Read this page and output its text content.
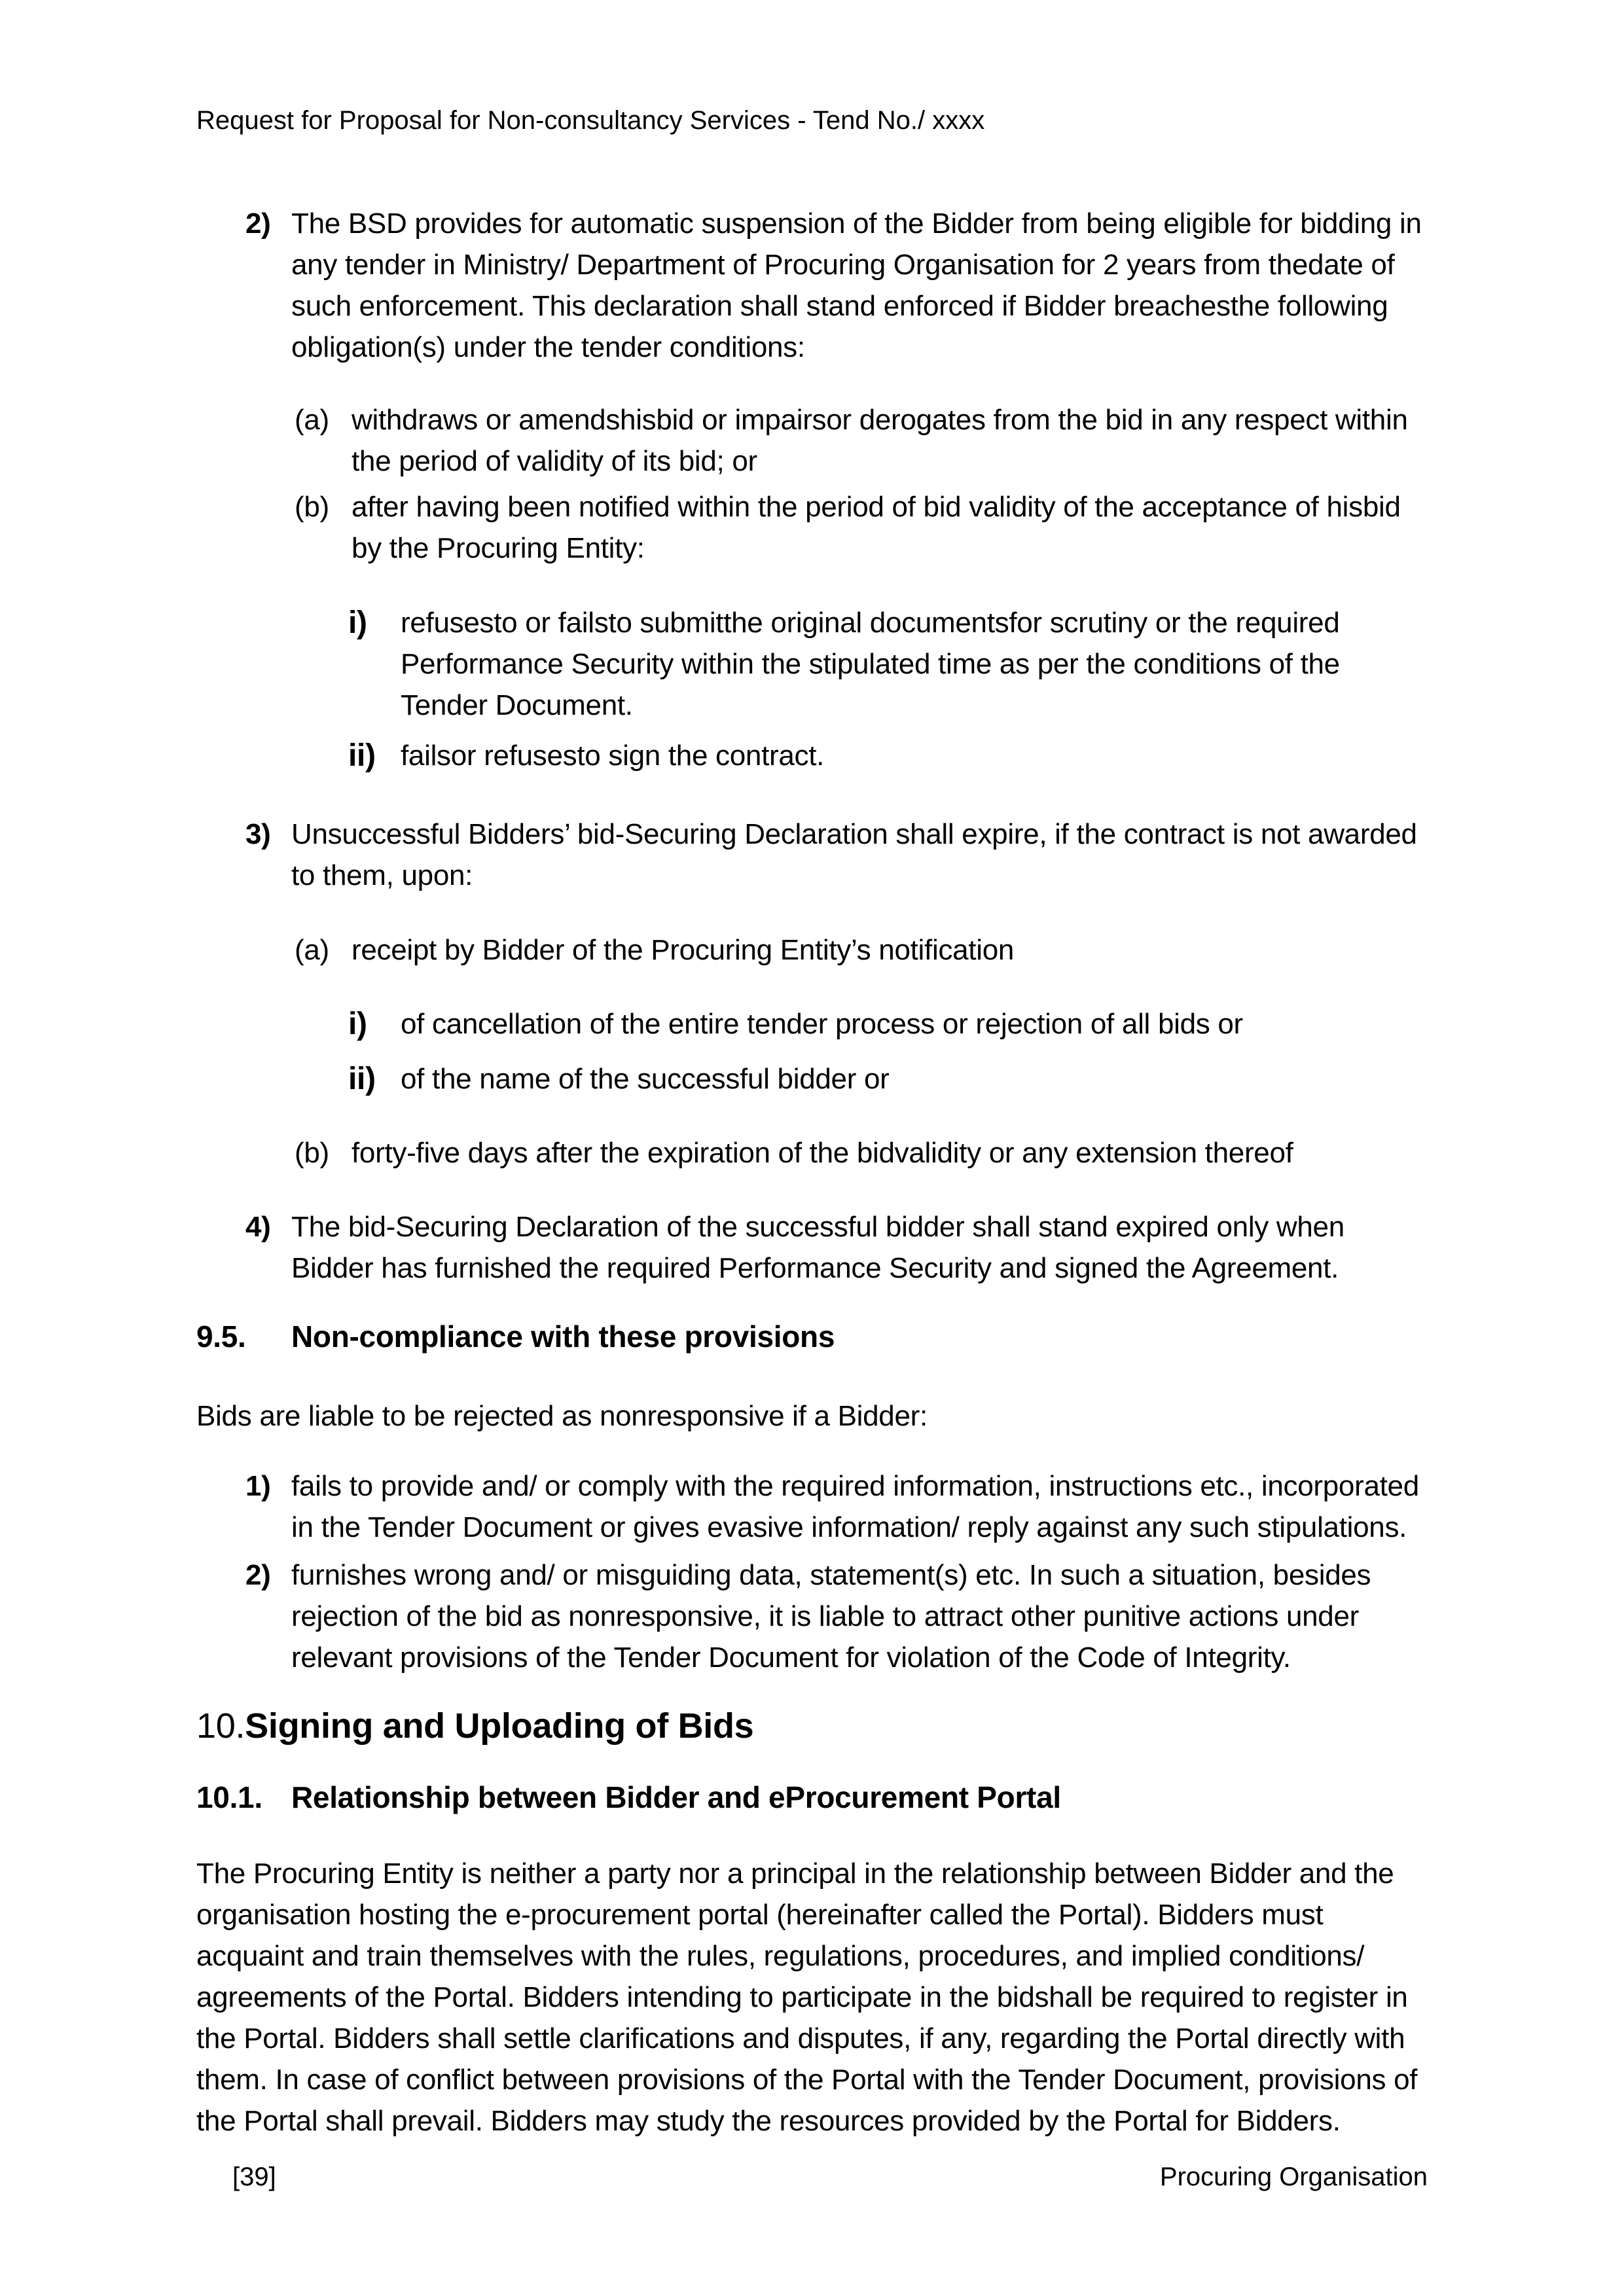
Request for Proposal for Non-consultancy Services - Tend No./ xxxx
2) The BSD provides for automatic suspension of the Bidder from being eligible for bidding in any tender in Ministry/ Department of Procuring Organisation for 2 years from thedate of such enforcement. This declaration shall stand enforced if Bidder breachesthe following obligation(s) under the tender conditions:
(a) withdraws or amendshisbid or impairsor derogates from the bid in any respect within the period of validity of its bid; or
(b) after having been notified within the period of bid validity of the acceptance of hisbid by the Procuring Entity:
i)	refusesto or failsto submitthe original documentsfor scrutiny or the required Performance Security within the stipulated time as per the conditions of the Tender Document.
ii) failsor refusesto sign the contract.
3) Unsuccessful Bidders’ bid-Securing Declaration shall expire, if the contract is not awarded to them, upon:
(a) receipt by Bidder of the Procuring Entity’s notification
i)	of cancellation of the entire tender process or rejection of all bids or
ii) of the name of the successful bidder or
(b) forty-five days after the expiration of the bidvalidity or any extension thereof
4) The bid-Securing Declaration of the successful bidder shall stand expired only when Bidder has furnished the required Performance Security and signed the Agreement.
9.5.	Non-compliance with these provisions
Bids are liable to be rejected as nonresponsive if a Bidder:
1) fails to provide and/ or comply with the required information, instructions etc., incorporated in the Tender Document or gives evasive information/ reply against any such stipulations.
2) furnishes wrong and/ or misguiding data, statement(s) etc. In such a situation, besides rejection of the bid as nonresponsive, it is liable to attract other punitive actions under relevant provisions of the Tender Document for violation of the Code of Integrity.
10.Signing and Uploading of Bids
10.1. Relationship between Bidder and eProcurement Portal
The Procuring Entity is neither a party nor a principal in the relationship between Bidder and the organisation hosting the e-procurement portal (hereinafter called the Portal). Bidders must acquaint and train themselves with the rules, regulations, procedures, and implied conditions/ agreements of the Portal. Bidders intending to participate in the bidshall be required to register in the Portal. Bidders shall settle clarifications and disputes, if any, regarding the Portal directly with them. In case of conflict between provisions of the Portal with the Tender Document, provisions of the Portal shall prevail. Bidders may study the resources provided by the Portal for Bidders.
[39]	Procuring Organisation
